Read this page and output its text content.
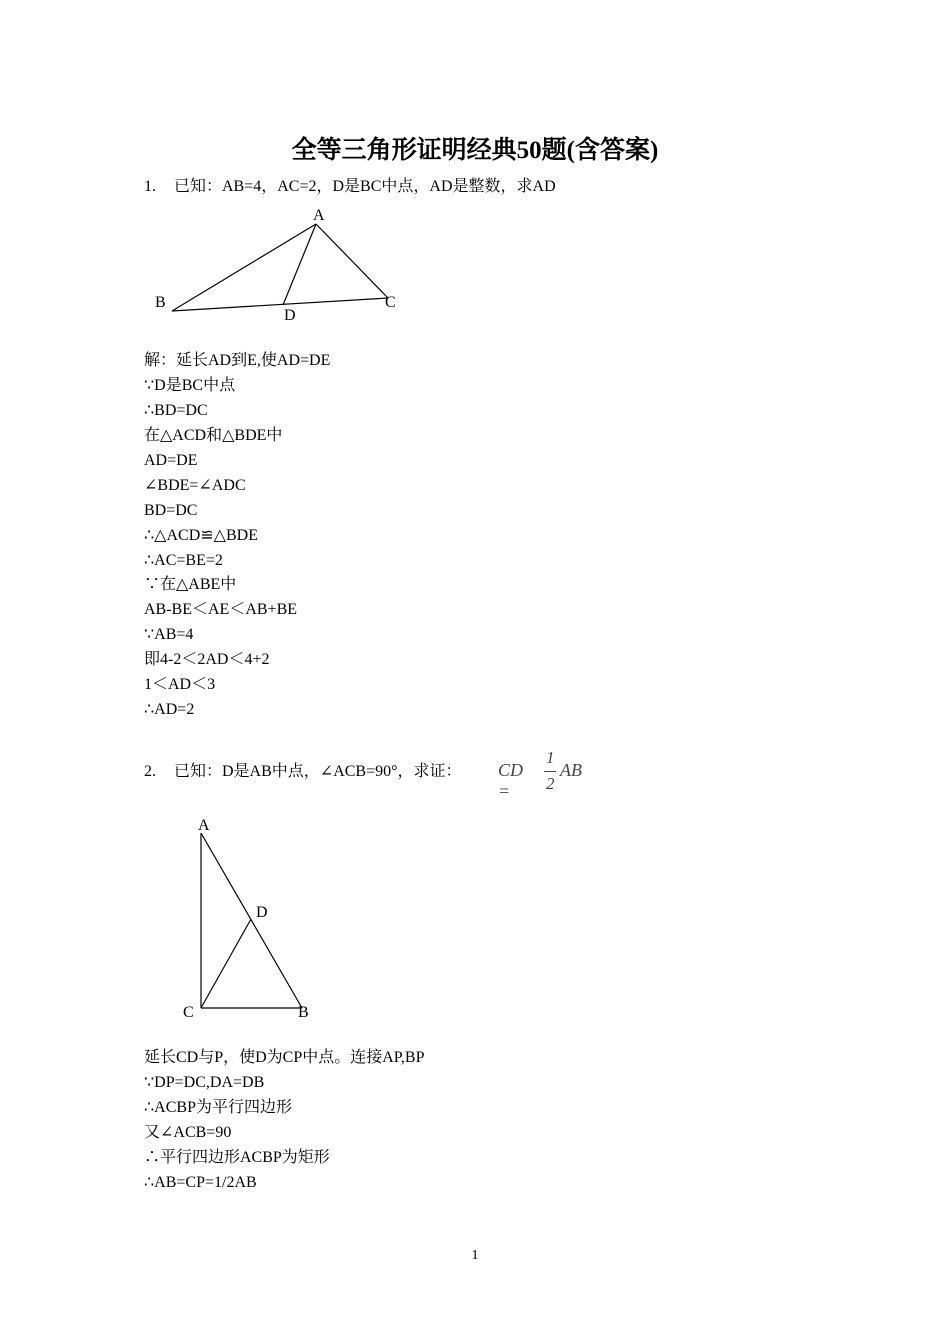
全等三角形证明经典50题(含答案)
1. 已知：AB=4，AC=2，D是BC中点，AD是整数，求AD
A
B	C
D
A
D
C	B
解：延长AD到E,使AD=DE
∵D是BC中点
∴BD=DC
在△ACD和△BDE中
AD=DE
∠BDE=∠ADC
BD=DC
∴△ACD≌△BDE
∴AC=BE=2
∵在△ABE中
AB-BE＜AE＜AB+BE
∵AB=4
即4-2＜2AD＜4+2
1＜AD＜3
∴AD=2
2. 已知：D是AB中点，∠ACB=90°，求证： CD =
1
2
AB
延长CD与P，使D为CP中点。连接AP,BP
∵DP=DC,DA=DB
∴ACBP为平行四边形
又∠ACB=90
∴平行四边形ACBP为矩形
∴AB=CP=1/2AB
1
